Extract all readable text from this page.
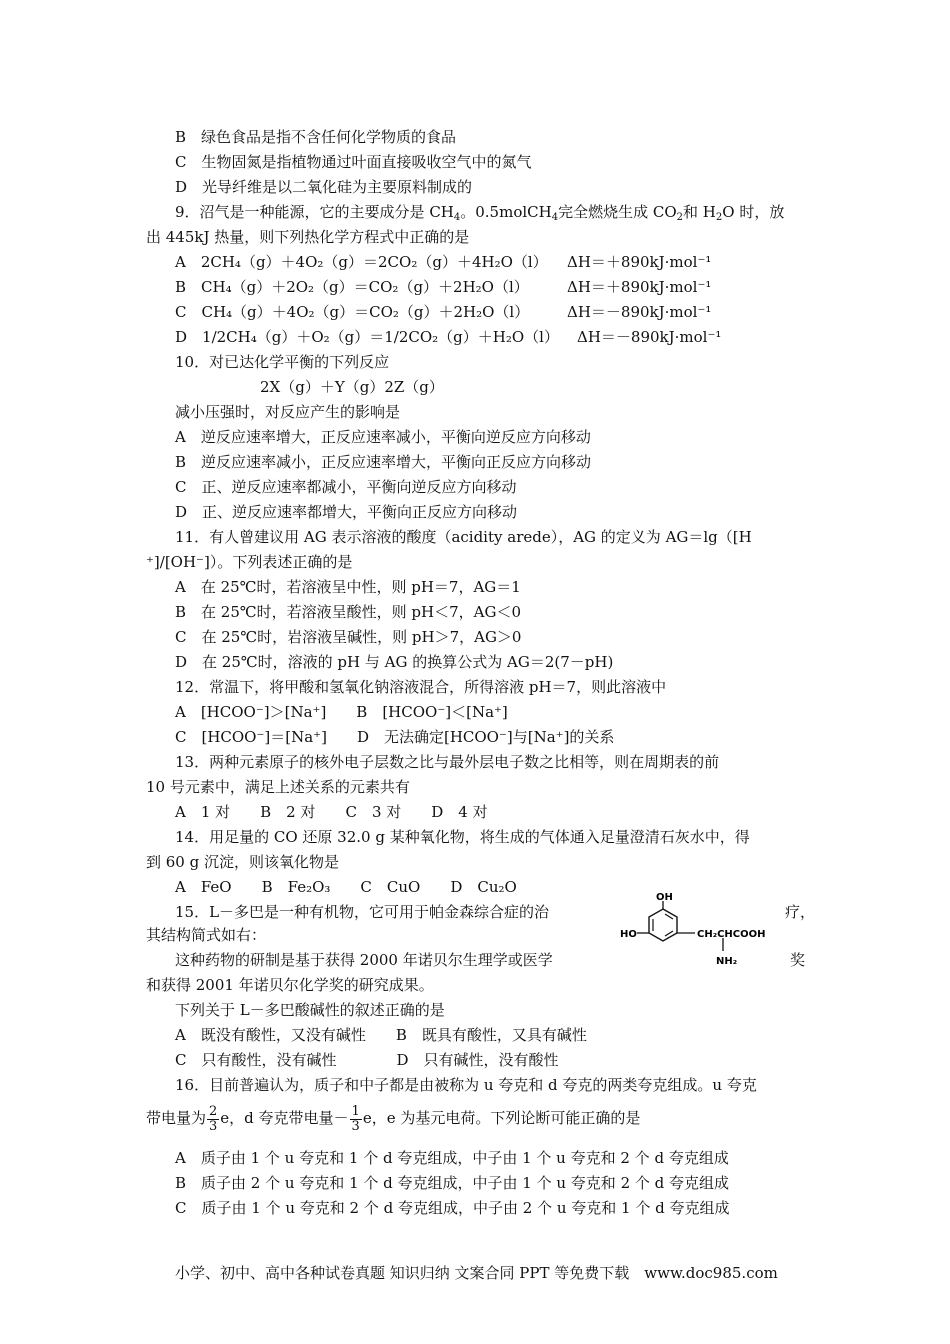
B　绿色食品是指不含任何化学物质的食品
C　生物固氮是指植物通过叶面直接吸收空气中的氮气
D　光导纤维是以二氧化硅为主要原料制成的
9．沼气是一种能源，它的主要成分是 $CH_4$。0.5molCH$_4$完全燃烧生成 $CO_2$和 $H_2O$ 时，放
出 445kJ 热量，则下列热化学方程式中正确的是
A　2CH₄（g）＋4O₂（g）＝2CO₂（g）＋4H₂O（l） ΔH＝＋890kJ·mol⁻¹
B　CH₄（g）＋2O₂（g）＝CO₂（g）＋2H₂O（l）	ΔH＝＋890kJ·mol⁻¹
C　CH₄（g）＋4O₂（g）＝CO₂（g）＋2H₂O（l）	ΔH＝－890kJ·mol⁻¹
D　1/2CH₄（g）＋O₂（g）＝1/2CO₂（g）＋H₂O（l） ΔH＝－890kJ·mol⁻¹
10．对已达化学平衡的下列反应
2X（g）＋Y（g）2Z（g）
减小压强时，对反应产生的影响是
A　逆反应速率增大，正反应速率减小，平衡向逆反应方向移动
B　逆反应速率减小，正反应速率增大，平衡向正反应方向移动
C　正、逆反应速率都减小，平衡向逆反应方向移动
D　正、逆反应速率都增大，平衡向正反应方向移动
11．有人曾建议用 AG 表示溶液的酸度（acidity arede），AG 的定义为 AG＝lg（[H
⁺]/[OH⁻]）。下列表述正确的是
A　在 25℃时，若溶液呈中性，则 pH＝7，AG＝1
B　在 25℃时，若溶液呈酸性，则 pH＜7，AG＜0
C　在 25℃时，岩溶液呈碱性，则 pH＞7，AG＞0
D　在 25℃时，溶液的 pH 与 AG 的换算公式为 AG＝2(7－pH)
12．常温下，将甲酸和氢氧化钠溶液混合，所得溶液 pH＝7，则此溶液中
A　[HCOO⁻]＞[Na⁺]　　B　[HCOO⁻]＜[Na⁺]
C　[HCOO⁻]＝[Na⁺]　　D　无法确定[HCOO⁻]与[Na⁺]的关系
13．两种元素原子的核外电子层数之比与最外层电子数之比相等，则在周期表的前
10 号元素中，满足上述关系的元素共有
A　1 对　　B　2 对　　C　3 对　　D　4 对
14．用足量的 CO 还原 32.0 g 某种氧化物，将生成的气体通入足量澄清石灰水中，得
到 60 g 沉淀，则该氧化物是
A　FeO　　B　Fe₂O₃　　C　CuO　　D　Cu₂O
15．L－多巴是一种有机物，它可用于帕金森综合症的治	疗，
其结构简式如右：
这种药物的研制是基于获得 2000 年诺贝尔生理学或医学	奖
和获得 2001 年诺贝尔化学奖的研究成果。
OH
HO	CH₂CHCOOH
NH₂
下列关于 L－多巴酸碱性的叙述正确的是
A　既没有酸性，又没有碱性　　B　既具有酸性，又具有碱性
C　只有酸性，没有碱性　　　　D　只有碱性，没有酸性
16．目前普遍认为，质子和中子都是由被称为 u 夸克和 d 夸克的两类夸克组成。u 夸克
带电量为 $\frac{2}{3}$ e，d 夸克带电量－ $\frac{1}{3}$ e，e 为基元电荷。下列论断可能正确的是
A　质子由 1 个 u 夸克和 1 个 d 夸克组成，中子由 1 个 u 夸克和 2 个 d 夸克组成
B　质子由 2 个 u 夸克和 1 个 d 夸克组成，中子由 1 个 u 夸克和 2 个 d 夸克组成
C　质子由 1 个 u 夸克和 2 个 d 夸克组成，中子由 2 个 u 夸克和 1 个 d 夸克组成
小学、初中、高中各种试卷真题 知识归纳 文案合同 PPT 等免费下载　www.doc985.com
